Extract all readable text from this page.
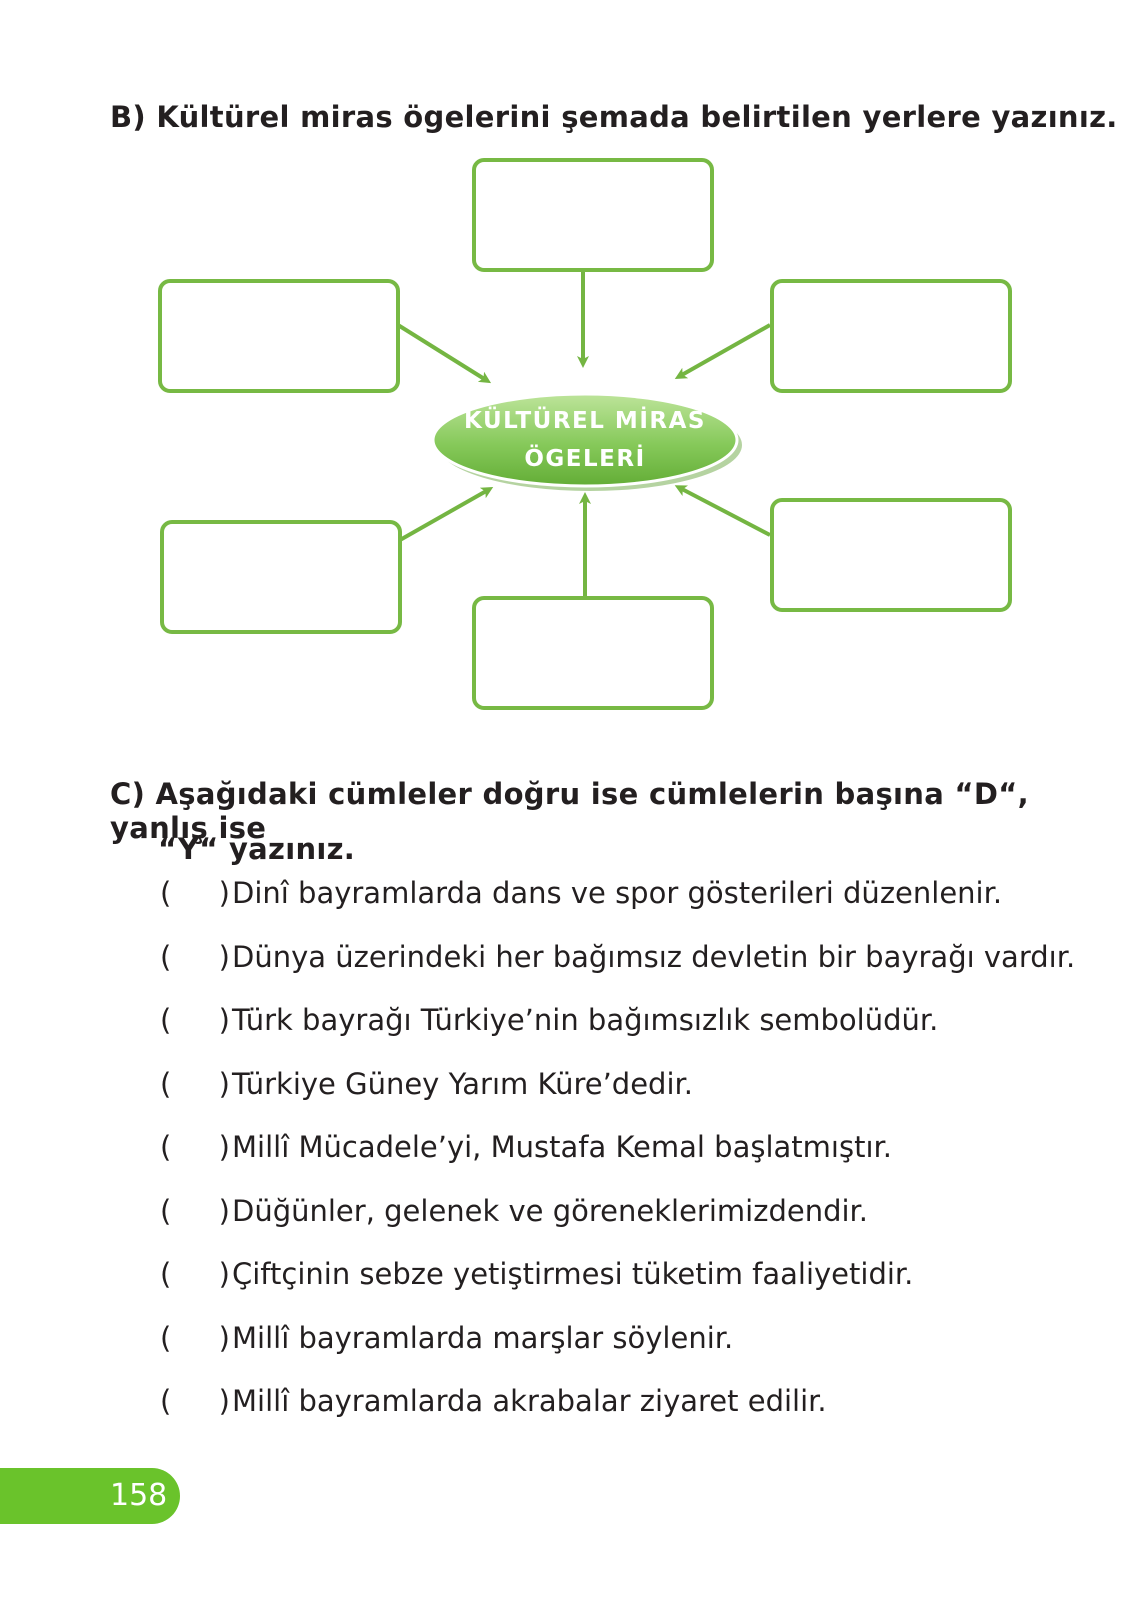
B) Kültürel miras ögelerini şemada belirtilen yerlere yazınız.
KÜLTÜREL MİRAS
ÖGELERİ

C) Aşağıdaki cümleler doğru ise cümlelerin başına “D“, yanlış ise

“Y“ yazınız.

( ) Dinî bayramlarda dans ve spor gösterileri düzenlenir.
( ) Dünya üzerindeki her bağımsız devletin bir bayrağı vardır.
( ) Türk bayrağı Türkiye’nin bağımsızlık sembolüdür.
( ) Türkiye Güney Yarım Küre’dedir.
( ) Millî Mücadele’yi, Mustafa Kemal başlatmıştır.
( ) Düğünler, gelenek ve göreneklerimizdendir.
( ) Çiftçinin sebze yetiştirmesi tüketim faaliyetidir.
( ) Millî bayramlarda marşlar söylenir.
( ) Millî bayramlarda akrabalar ziyaret edilir.
158
